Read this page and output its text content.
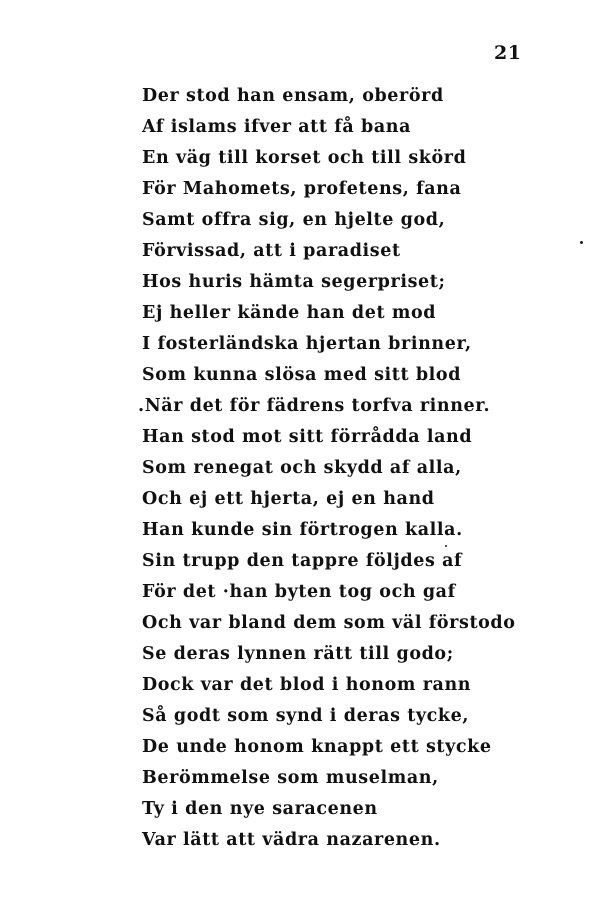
21
Der stod han ensam, oberörd
Af islams ifver att få bana
En väg till korset och till skörd
För Mahomets, profetens, fana
Samt offra sig, en hjelte god,
Förvissad, att i paradiset
Hos huris hämta segerpriset;
Ej heller kände han det mod
I fosterländska hjertan brinner,
Som kunna slösa med sitt blod
.När det för fädrens torfva rinner.
Han stod mot sitt förrådda land
Som renegat och skydd af alla,
Och ej ett hjerta, ej en hand
Han kunde sin förtrogen kalla.
Sin trupp den tappre följdes af
För det ·han byten tog och gaf
Och var bland dem som väl förstodo
Se deras lynnen rätt till godo;
Dock var det blod i honom rann
Så godt som synd i deras tycke,
De unde honom knappt ett stycke
Berömmelse som muselman,
Ty i den nye saracenen
Var lätt att vädra nazarenen.
